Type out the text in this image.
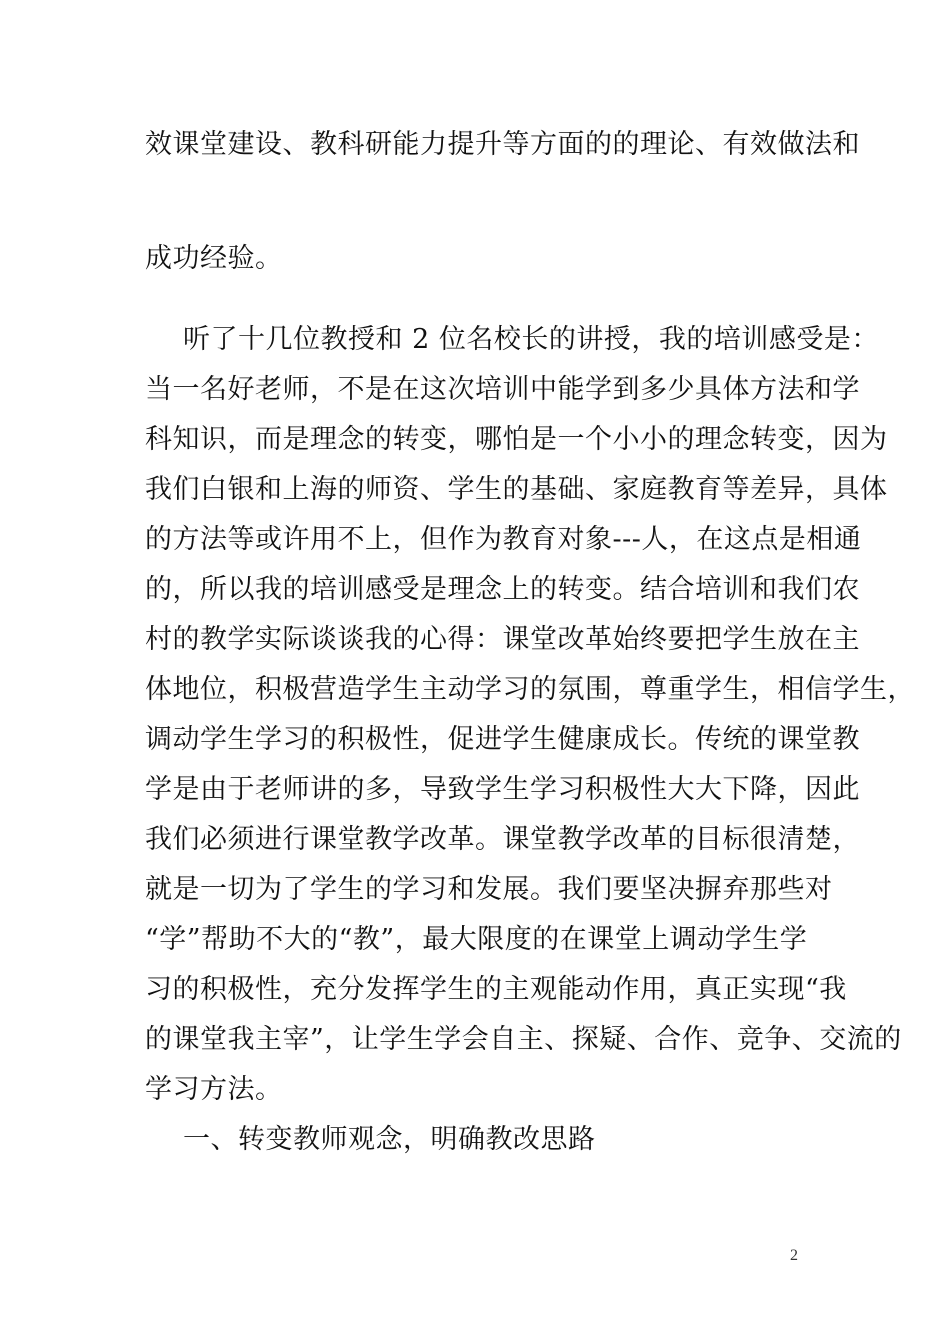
效课堂建设、教科研能力提升等方面的的理论、有效做法和
成功经验。
听了十几位教授和 2 位名校长的讲授，我的培训感受是：
当一名好老师，不是在这次培训中能学到多少具体方法和学
科知识，而是理念的转变，哪怕是一个小小的理念转变，因为
我们白银和上海的师资、学生的基础、家庭教育等差异，具体
的方法等或许用不上，但作为教育对象---人，在这点是相通
的，所以我的培训感受是理念上的转变。结合培训和我们农
村的教学实际谈谈我的心得：课堂改革始终要把学生放在主
体地位，积极营造学生主动学习的氛围，尊重学生，相信学生，
调动学生学习的积极性，促进学生健康成长。传统的课堂教
学是由于老师讲的多，导致学生学习积极性大大下降，因此
我们必须进行课堂教学改革。课堂教学改革的目标很清楚，
就是一切为了学生的学习和发展。我们要坚决摒弃那些对
“学”帮助不大的“教”，最大限度的在课堂上调动学生学
习的积极性，充分发挥学生的主观能动作用，真正实现“我
的课堂我主宰”，让学生学会自主、探疑、合作、竞争、交流的
学习方法。
一、转变教师观念，明确教改思路
2
